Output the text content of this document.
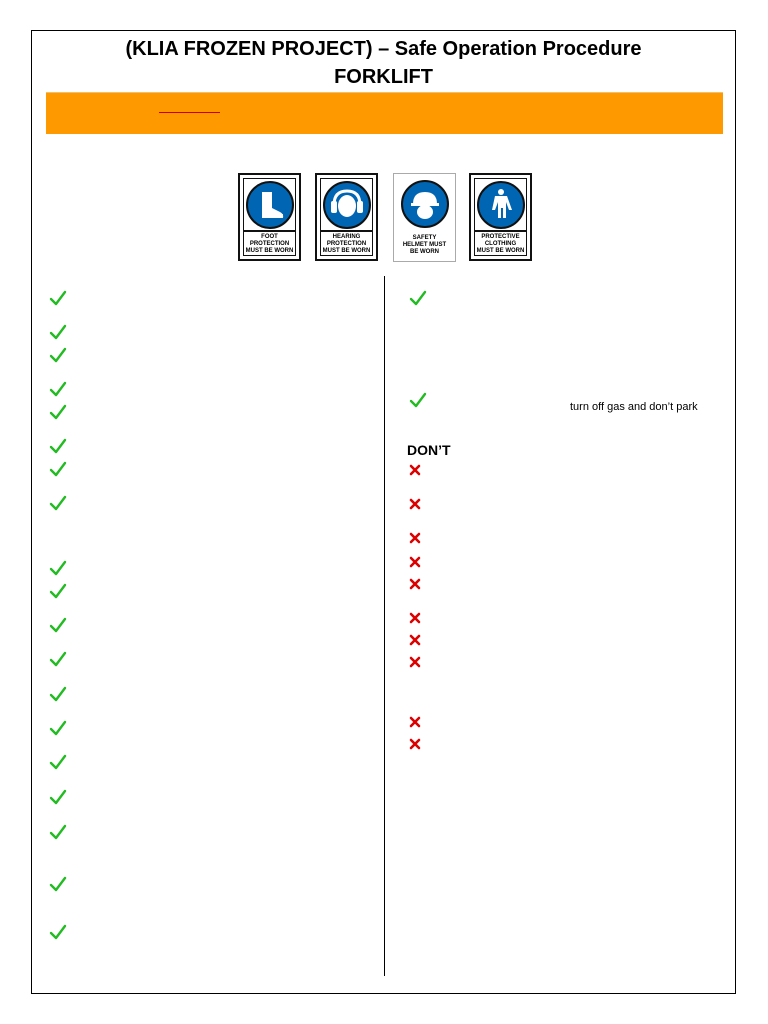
(KLIA FROZEN PROJECT) – Safe Operation Procedure
FORKLIFT
FOOT
PROTECTION
MUST BE WORN
HEARING
PROTECTION
MUST BE WORN
SAFETY
HELMET MUST
BE WORN
PROTECTIVE
CLOTHING
MUST BE WORN
turn off gas and don’t park
DON’T
